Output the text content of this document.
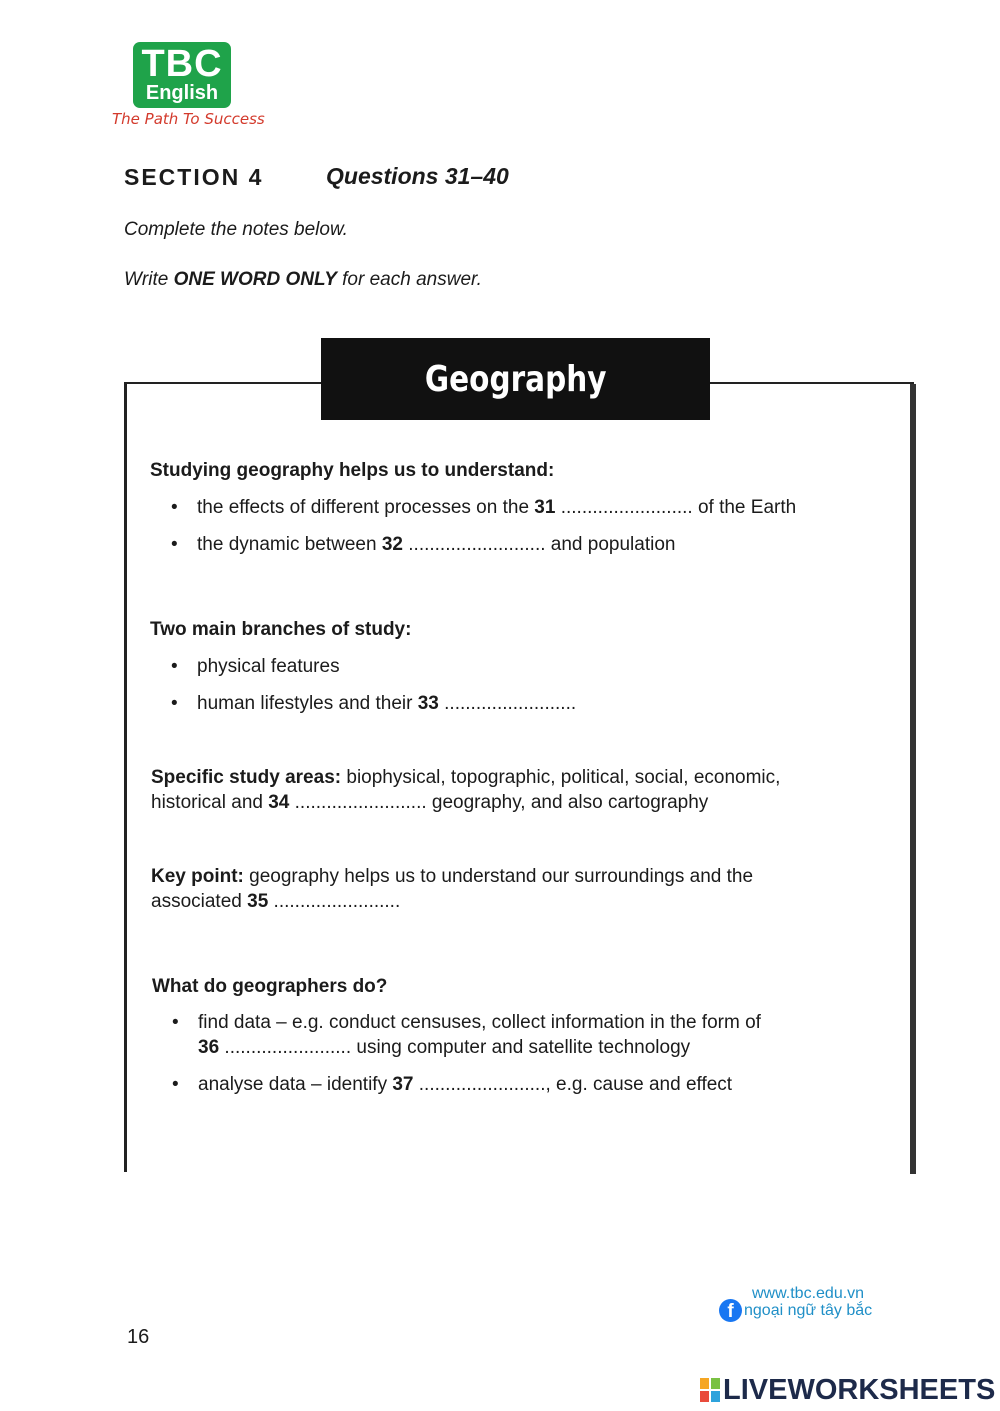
TBC
English
The Path To Success
SECTION 4	Questions 31–40
Complete the notes below.
Write ONE WORD ONLY for each answer.
Geography
Studying geography helps us to understand:
• the effects of different processes on the 31 ......................... of the Earth
• the dynamic between 32 .......................... and population
Two main branches of study:
• physical features
• human lifestyles and their 33 .........................
Specific study areas: biophysical, topographic, political, social, economic,
historical and 34 ......................... geography, and also cartography
Key point: geography helps us to understand our surroundings and the
associated 35 ........................
What do geographers do?
• find data – e.g. conduct censuses, collect information in the form of
36 ........................ using computer and satellite technology
• analyse data – identify 37 ........................, e.g. cause and effect
16
www.tbc.edu.vn
f ngoại ngữ tây bắc
LIVEWORKSHEETS
